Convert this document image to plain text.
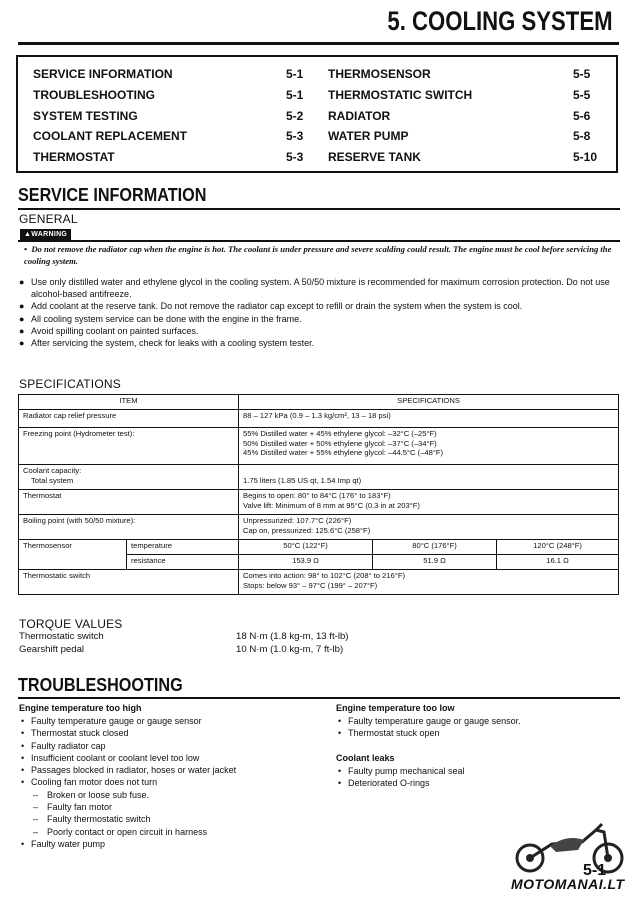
5. COOLING SYSTEM
SERVICE INFORMATION	5-1
TROUBLESHOOTING	5-1
SYSTEM TESTING	5-2
COOLANT REPLACEMENT	5-3
THERMOSTAT	5-3
THERMOSENSOR	5-5
THERMOSTATIC SWITCH	5-5
RADIATOR	5-6
WATER PUMP	5-8
RESERVE TANK	5-10
SERVICE INFORMATION
GENERAL
▲WARNING
•  Do not remove the radiator cap when the engine is hot. The coolant is under pressure and severe scalding could result. The engine must be cool before servicing the cooling system.

● Use only distilled water and ethylene glycol in the cooling system. A 50/50 mixture is recommended for maximum corrosion protection. Do not use alcohol-based antifreeze.

● Add coolant at the reserve tank. Do not remove the radiator cap except to refill or drain the system when the system is cool.

● All cooling system service can be done with the engine in the frame.

● Avoid spilling coolant on painted surfaces.

● After servicing the system, check for leaks with a cooling system tester.

SPECIFICATIONS
ITEM		SPECIFICATIONS		
Radiator cap relief pressure		88 – 127 kPa (0.9 – 1.3 kg/cm², 13 – 18 psi)		
Freezing point (Hydrometer test):		55% Distilled water + 45% ethylene glycol: –32°C (–25°F)
50% Distilled water + 50% ethylene glycol: –37°C (–34°F)
45% Distilled water + 55% ethylene glycol: –44.5°C (–48°F)		

Coolant capacity:
Total system		1.75 liters (1.85 US qt, 1.54 Imp qt)		

Thermostat		Begins to open: 80° to 84°C (176° to 183°F)
Valve lift: Minimum of 8 mm at 95°C (0.3 in at 203°F)		

Boiling point (with 50/50 mixture):		Unpressurized: 107.7°C (226°F)
Cap on, pressurized: 125.6°C (258°F)		

Thermosensor	temperature	50°C (122°F)	80°C (176°F)	120°C (248°F)
	resistance	153.9 Ω	51.9 Ω	16.1 Ω
Thermostatic switch		Comes into action: 98° to 102°C (208° to 216°F)
Stops: below 93° – 97°C (199° – 207°F)		
TORQUE VALUES
Thermostatic switch	18 N·m (1.8 kg-m, 13 ft-lb)
Gearshift pedal	10 N·m (1.0 kg-m, 7 ft-lb)
TROUBLESHOOTING
Engine temperature too high
• Faulty temperature gauge or gauge sensor
• Thermostat stuck closed
• Faulty radiator cap
• Insufficient coolant or coolant level too low
• Passages blocked in radiator, hoses or water jacket
• Cooling fan motor does not turn
– Broken or loose sub fuse.
– Faulty fan motor
– Faulty thermostatic switch
– Poorly contact or open circuit in harness
• Faulty water pump
Engine temperature too low
• Faulty temperature gauge or gauge sensor.
• Thermostat stuck open
Coolant leaks
• Faulty pump mechanical seal
• Deteriorated O-rings
5-1
MOTOMANAI.LT
